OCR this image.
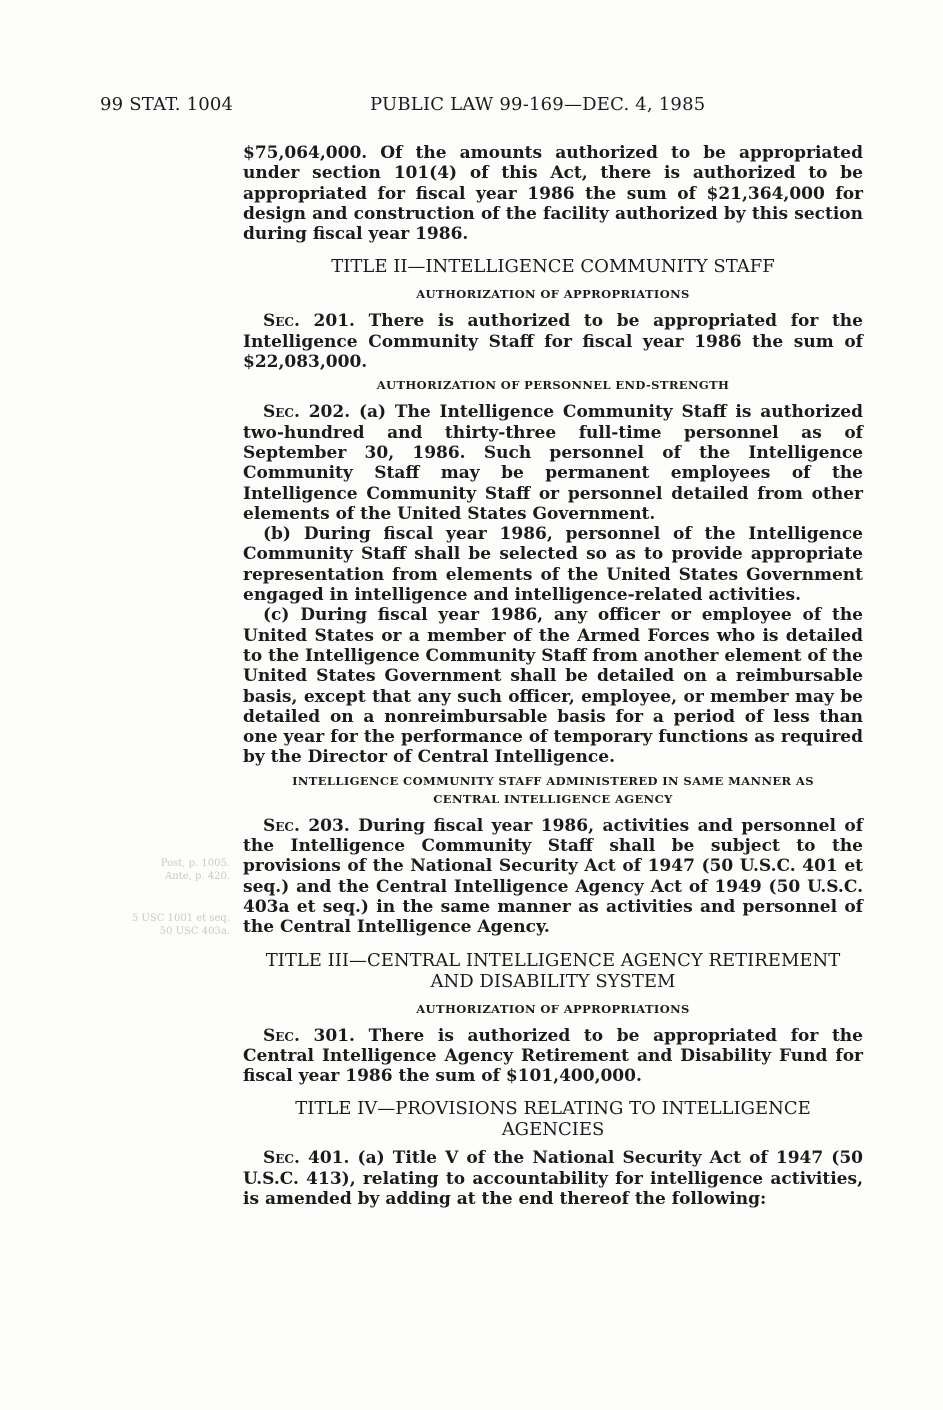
99 STAT. 1004	PUBLIC LAW 99-169—DEC. 4, 1985
Post, p. 1005.
Ante, p. 420.
5 USC 1001 et seq.
50 USC 403a.

$75,064,000. Of the amounts authorized to be appropriated under section 101(4) of this Act, there is authorized to be appropriated for fiscal year 1986 the sum of $21,364,000 for design and construction of the facility authorized by this section during fiscal year 1986.

TITLE II—INTELLIGENCE COMMUNITY STAFF
AUTHORIZATION OF APPROPRIATIONS

Sec. 201. There is authorized to be appropriated for the Intelligence Community Staff for fiscal year 1986 the sum of $22,083,000.

AUTHORIZATION OF PERSONNEL END-STRENGTH

Sec. 202. (a) The Intelligence Community Staff is authorized two-hundred and thirty-three full-time personnel as of September 30, 1986. Such personnel of the Intelligence Community Staff may be permanent employees of the Intelligence Community Staff or personnel detailed from other elements of the United States Government.

(b) During fiscal year 1986, personnel of the Intelligence Community Staff shall be selected so as to provide appropriate representation from elements of the United States Government engaged in intelligence and intelligence-related activities.

(c) During fiscal year 1986, any officer or employee of the United States or a member of the Armed Forces who is detailed to the Intelligence Community Staff from another element of the United States Government shall be detailed on a reimbursable basis, except that any such officer, employee, or member may be detailed on a nonreimbursable basis for a period of less than one year for the performance of temporary functions as required by the Director of Central Intelligence.

INTELLIGENCE COMMUNITY STAFF ADMINISTERED IN SAME MANNER AS
CENTRAL INTELLIGENCE AGENCY

Sec. 203. During fiscal year 1986, activities and personnel of the Intelligence Community Staff shall be subject to the provisions of the National Security Act of 1947 (50 U.S.C. 401 et seq.) and the Central Intelligence Agency Act of 1949 (50 U.S.C. 403a et seq.) in the same manner as activities and personnel of the Central Intelligence Agency.

TITLE III—CENTRAL INTELLIGENCE AGENCY RETIREMENT
AND DISABILITY SYSTEM
AUTHORIZATION OF APPROPRIATIONS

Sec. 301. There is authorized to be appropriated for the Central Intelligence Agency Retirement and Disability Fund for fiscal year 1986 the sum of $101,400,000.

TITLE IV—PROVISIONS RELATING TO INTELLIGENCE
AGENCIES

Sec. 401. (a) Title V of the National Security Act of 1947 (50 U.S.C. 413), relating to accountability for intelligence activities, is amended by adding at the end thereof the following:
